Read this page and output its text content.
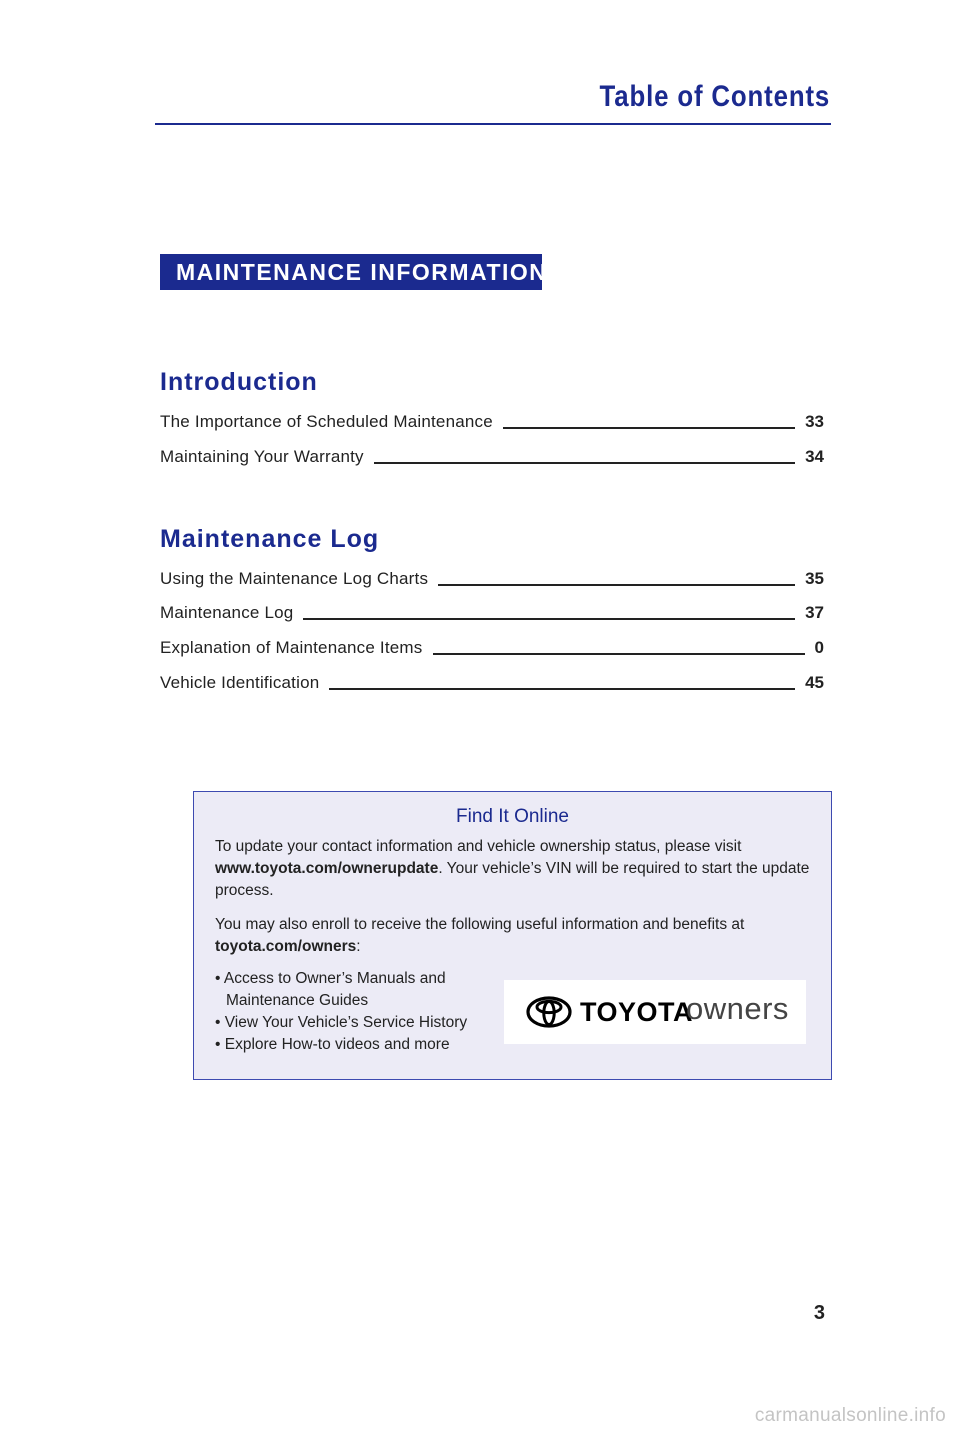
Table of Contents
MAINTENANCE INFORMATION
Introduction
The Importance of Scheduled Maintenance	33
Maintaining Your Warranty	34
Maintenance Log
Using the Maintenance Log Charts	35
Maintenance Log	37
Explanation of Maintenance Items	0
Vehicle Identification	45
Find It Online

To update your contact information and vehicle ownership status, please visit www.toyota.com/ownerupdate. Your vehicle’s VIN will be required to start the update process.

You may also enroll to receive the following useful information and benefits at toyota.com/owners:

• Access to Owner’s Manuals and Maintenance Guides
• View Your Vehicle’s Service History
• Explore How-to videos and more
TOYOTA
owners
3
carmanualsonline.info
